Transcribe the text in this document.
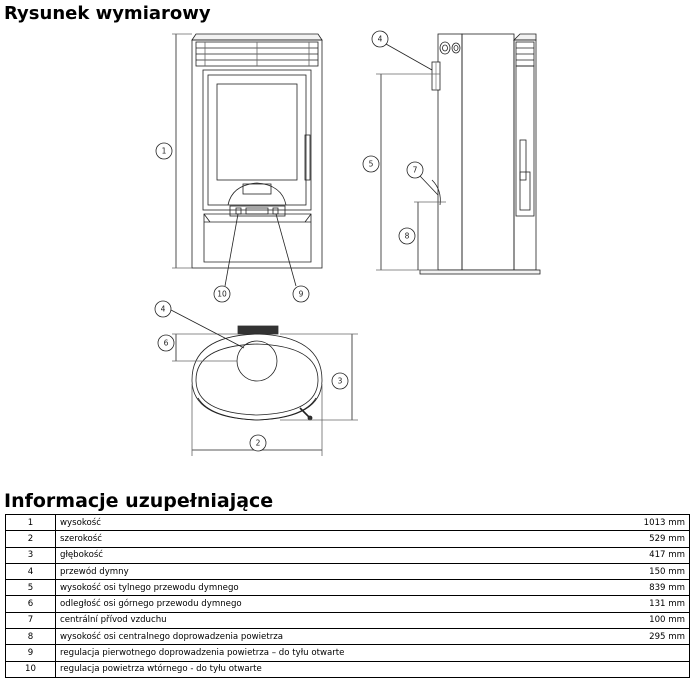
Rysunek wymiarowy
1
2
3
4
5
6
7
8
9
10
4
Informacje uzupełniające
1	wysokość	1013 mm
2	szerokość	529 mm
3	głębokość	417 mm
4	przewód dymny	150 mm
5	wysokość osi tylnego przewodu dymnego	839 mm
6	odległość osi górnego przewodu dymnego	131 mm
7	centrální přívod vzduchu	100 mm
8	wysokość osi centralnego doprowadzenia powietrza	295 mm
9	regulacja pierwotnego doprowadzenia powietrza – do tyłu otwarte	
10	regulacja powietrza wtórnego - do tyłu otwarte	
